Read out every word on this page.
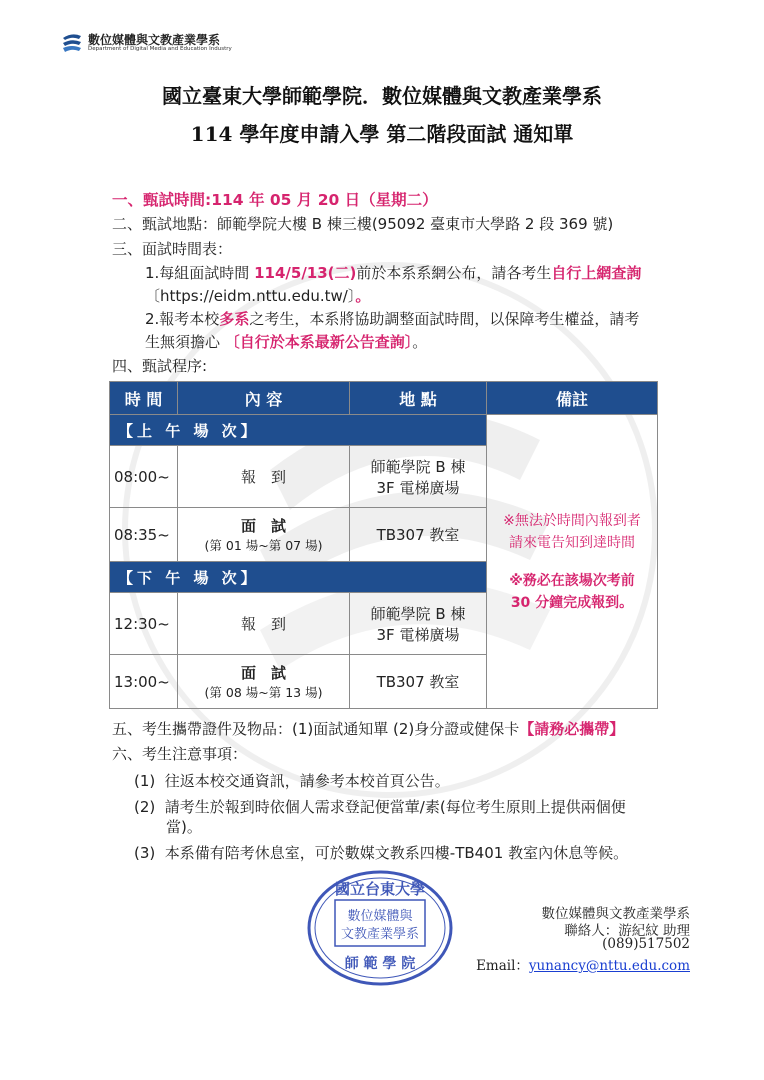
數位媒體與文教產業學系
Department of Digital Media and Education Industry
國立臺東大學師範學院．數位媒體與文教產業學系
114 學年度申請入學 第二階段面試 通知單
一、甄試時間:114 年 05 月 20 日（星期二）
二、甄試地點：師範學院大樓 B 棟三樓(95092 臺東市大學路 2 段 369 號)
三、面試時間表：
1.每組面試時間 114/5/13(二)前於本系系網公布，請各考生自行上網查詢
〔https://eidm.nttu.edu.tw/〕。
2.報考本校多系之考生，本系將協助調整面試時間，以保障考生權益，請考
生無須擔心 〔自行於本系最新公告查詢〕。
四、甄試程序:
時 間	內 容	地 點	備註
【上 午 場 次】			※無法於時間內報到者
請來電告知到達時間
※務必在該場次考前
30 分鐘完成報到。

08:00~	報　到	師範學院 B 棟
3F 電梯廣場	

08:35~	面　試
(第 01 場~第 07 場)	TB307 教室	
【下 午 場 次】			
12:30~	報　到	師範學院 B 棟
3F 電梯廣場	

13:00~	面　試
(第 08 場~第 13 場)	TB307 教室	
五、考生攜帶證件及物品：(1)面試通知單 (2)身分證或健保卡【請務必攜帶】
六、考生注意事項：
(1) 往返本校交通資訊，請參考本校首頁公告。
(2) 請考生於報到時依個人需求登記便當葷/素(每位考生原則上提供兩個便
當)。
(3) 本系備有陪考休息室，可於數媒文教系四樓-TB401 教室內休息等候。
國立台東大學
數位媒體與
文教產業學系
師 範 學 院
數位媒體與文教產業學系
聯絡人：游紀紋 助理
(089)517502
Email：yunancy@nttu.edu.com
